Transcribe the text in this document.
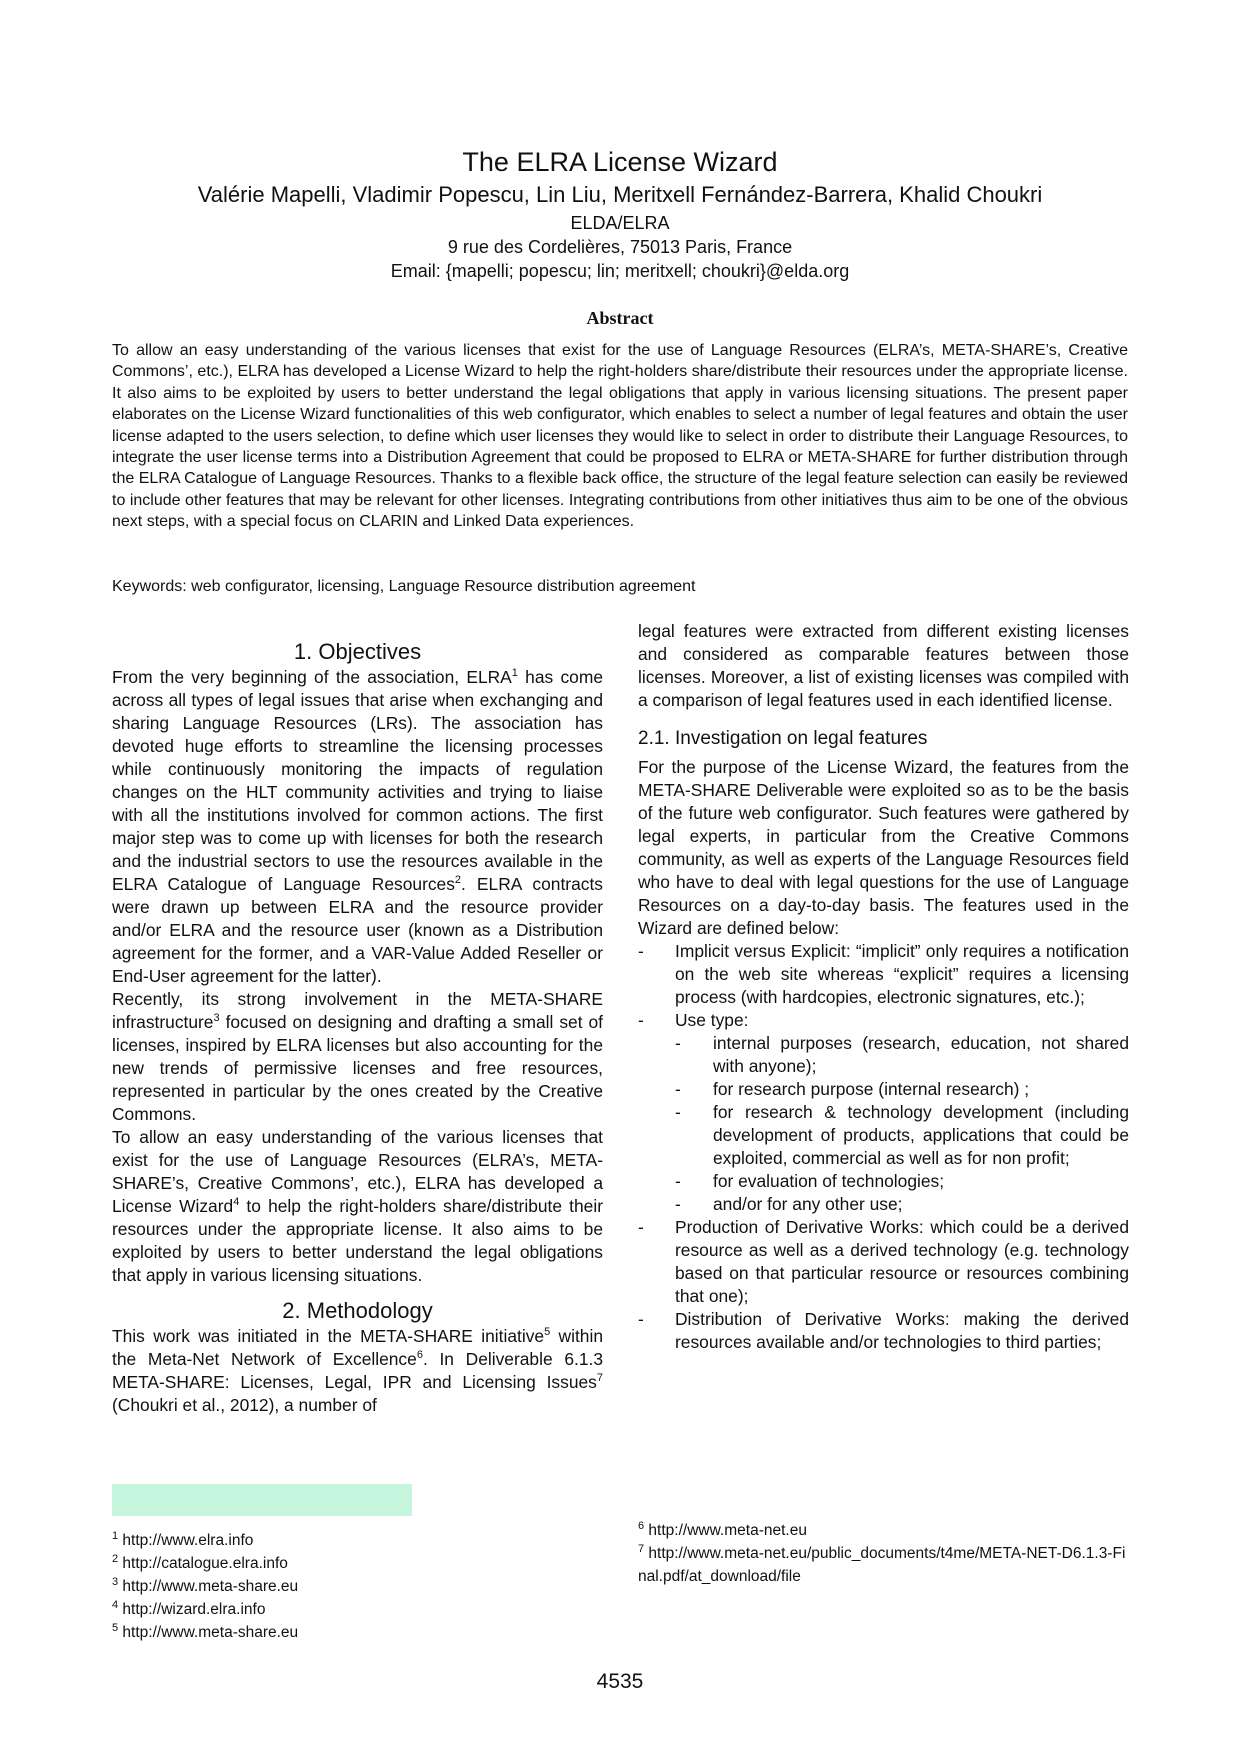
The ELRA License Wizard
Valérie Mapelli, Vladimir Popescu, Lin Liu, Meritxell Fernández-Barrera, Khalid Choukri
ELDA/ELRA
9 rue des Cordelières, 75013 Paris, France
Email: {mapelli; popescu; lin; meritxell; choukri}@elda.org
Abstract
To allow an easy understanding of the various licenses that exist for the use of Language Resources (ELRA’s, META-SHARE’s, Creative Commons’, etc.), ELRA has developed a License Wizard to help the right-holders share/distribute their resources under the appropriate license. It also aims to be exploited by users to better understand the legal obligations that apply in various licensing situations. The present paper elaborates on the License Wizard functionalities of this web configurator, which enables to select a number of legal features and obtain the user license adapted to the users selection, to define which user licenses they would like to select in order to distribute their Language Resources, to integrate the user license terms into a Distribution Agreement that could be proposed to ELRA or META-SHARE for further distribution through the ELRA Catalogue of Language Resources. Thanks to a flexible back office, the structure of the legal feature selection can easily be reviewed to include other features that may be relevant for other licenses. Integrating contributions from other initiatives thus aim to be one of the obvious next steps, with a special focus on CLARIN and Linked Data experiences.
Keywords: web configurator, licensing, Language Resource distribution agreement
1. Objectives

From the very beginning of the association, ELRA$^1$ has come across all types of legal issues that arise when exchanging and sharing Language Resources (LRs). The association has devoted huge efforts to streamline the licensing processes while continuously monitoring the impacts of regulation changes on the HLT community activities and trying to liaise with all the institutions involved for common actions. The first major step was to come up with licenses for both the research and the industrial sectors to use the resources available in the ELRA Catalogue of Language Resources$^2$. ELRA contracts were drawn up between ELRA and the resource provider and/or ELRA and the resource user (known as a Distribution agreement for the former, and a VAR-Value Added Reseller or End-User agreement for the latter).

Recently, its strong involvement in the META-SHARE infrastructure$^3$ focused on designing and drafting a small set of licenses, inspired by ELRA licenses but also accounting for the new trends of permissive licenses and free resources, represented in particular by the ones created by the Creative Commons.

To allow an easy understanding of the various licenses that exist for the use of Language Resources (ELRA’s, META-SHARE’s, Creative Commons’, etc.), ELRA has developed a License Wizard$^4$ to help the right-holders share/distribute their resources under the appropriate license. It also aims to be exploited by users to better understand the legal obligations that apply in various licensing situations.

2. Methodology

This work was initiated in the META-SHARE initiative$^5$ within the Meta-Net Network of Excellence$^6$. In Deliverable 6.1.3 META-SHARE: Licenses, Legal, IPR and Licensing Issues$^7$ (Choukri et al., 2012), a number of

legal features were extracted from different existing licenses and considered as comparable features between those licenses. Moreover, a list of existing licenses was compiled with a comparison of legal features used in each identified license.

2.1. Investigation on legal features

For the purpose of the License Wizard, the features from the META-SHARE Deliverable were exploited so as to be the basis of the future web configurator. Such features were gathered by legal experts, in particular from the Creative Commons community, as well as experts of the Language Resources field who have to deal with legal questions for the use of Language Resources on a day-to-day basis. The features used in the Wizard are defined below:

- Implicit versus Explicit: “implicit” only requires a notification on the web site whereas “explicit” requires a licensing process (with hardcopies, electronic signatures, etc.);
- Use type:
- internal purposes (research, education, not shared with anyone);
- for research purpose (internal research) ;
- for research & technology development (including development of products, applications that could be exploited, commercial as well as for non profit;
- for evaluation of technologies;
- and/or for any other use;
- Production of Derivative Works: which could be a derived resource as well as a derived technology (e.g. technology based on that particular resource or resources combining that one);
- Distribution of Derivative Works: making the derived resources available and/or technologies to third parties;

$^1$ http://www.elra.info

$^2$ http://catalogue.elra.info

$^3$ http://www.meta-share.eu

$^4$ http://wizard.elra.info

$^5$ http://www.meta-share.eu

$^6$ http://www.meta-net.eu

$^7$ http://www.meta-net.eu/public_documents/t4me/META-NET-D6.1.3-Final.pdf/at_download/file

4535
